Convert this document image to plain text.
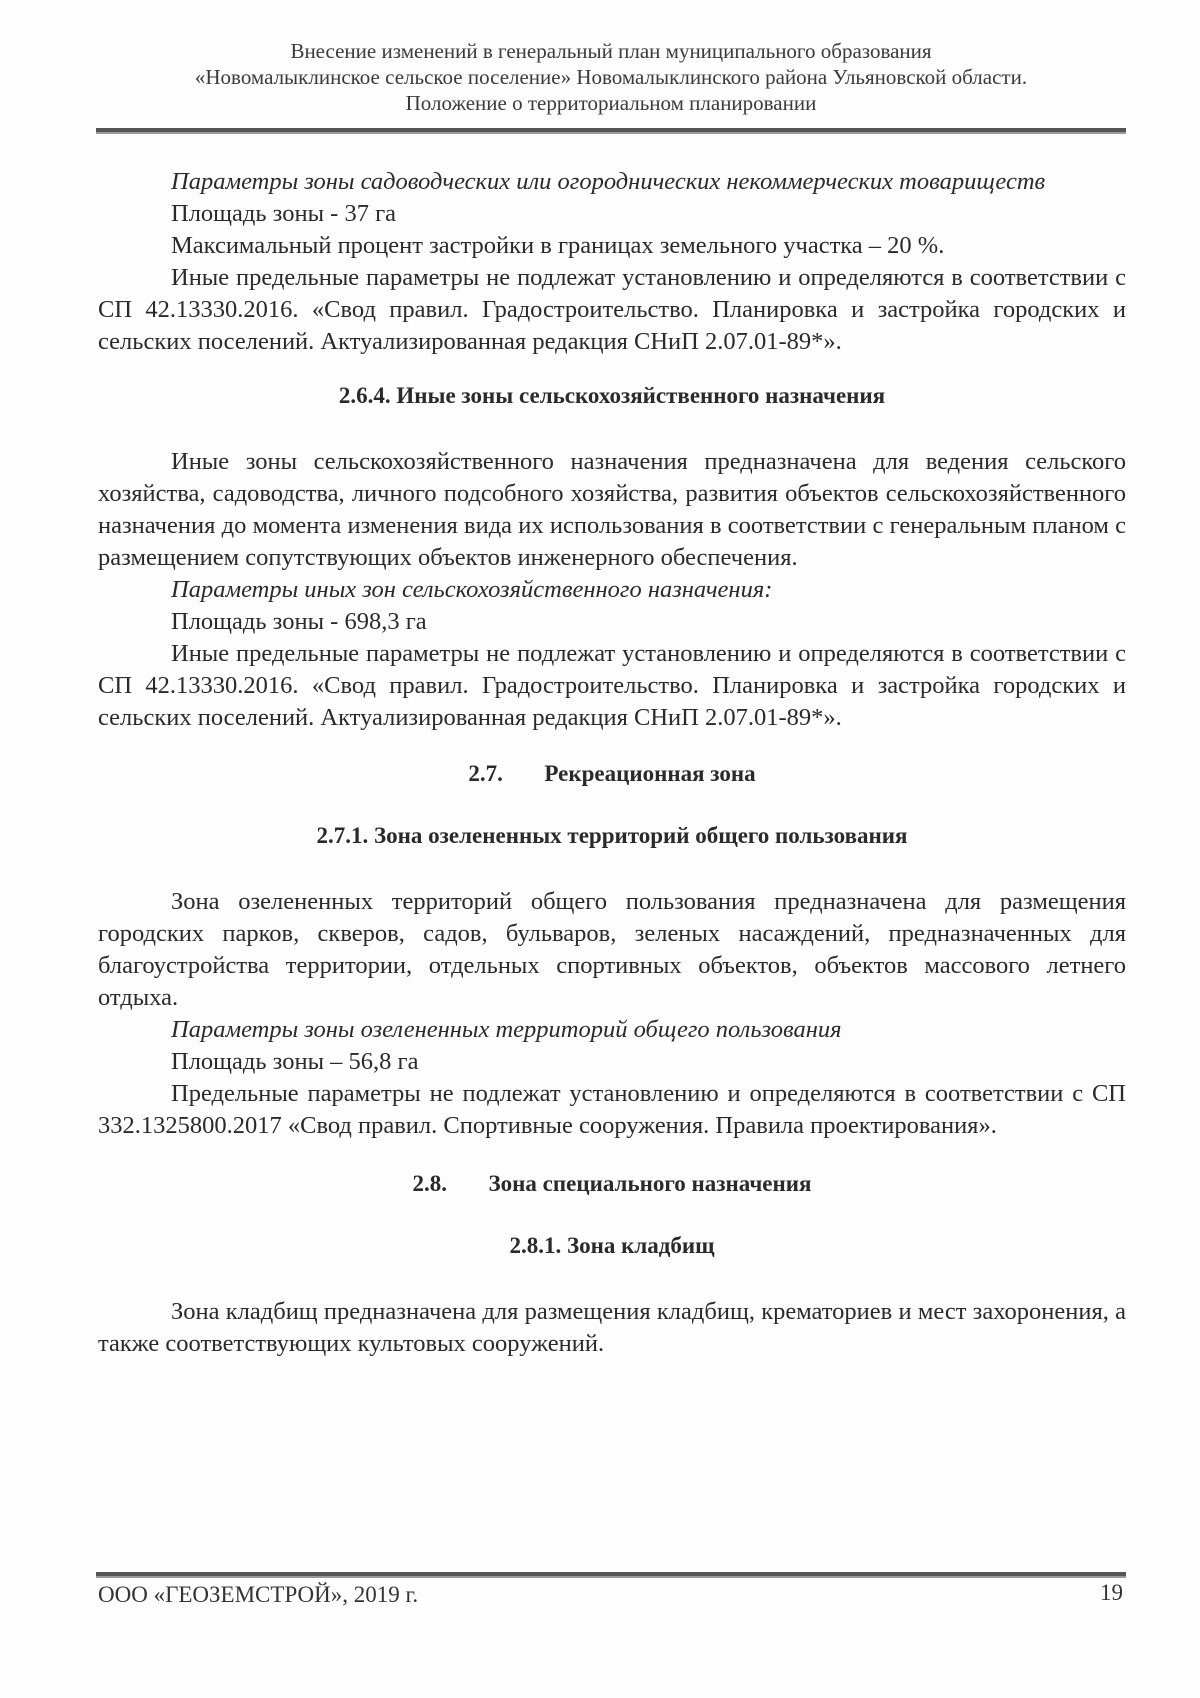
Внесение изменений в генеральный план муниципального образования
«Новомалыклинское сельское поселение» Новомалыклинского района Ульяновской области.
Положение о территориальном планировании

Параметры зоны садоводческих или огороднических некоммерческих товариществ

Площадь зоны - 37 га

Максимальный процент застройки в границах земельного участка – 20 %.

Иные предельные параметры не подлежат установлению и определяются в соответствии с СП 42.13330.2016. «Свод правил. Градостроительство. Планировка и застройка городских и сельских поселений. Актуализированная редакция СНиП 2.07.01-89*».

2.6.4. Иные зоны сельскохозяйственного назначения

Иные зоны сельскохозяйственного назначения предназначена для ведения сельского хозяйства, садоводства, личного подсобного хозяйства, развития объектов сельскохозяйственного назначения до момента изменения вида их использования в соответствии с генеральным планом с размещением сопутствующих объектов инженерного обеспечения.

Параметры иных зон сельскохозяйственного назначения:

Площадь зоны - 698,3 га

Иные предельные параметры не подлежат установлению и определяются в соответствии с СП 42.13330.2016. «Свод правил. Градостроительство. Планировка и застройка городских и сельских поселений. Актуализированная редакция СНиП 2.07.01-89*».

2.7. Рекреационная зона

2.7.1. Зона озелененных территорий общего пользования

Зона озелененных территорий общего пользования предназначена для размещения городских парков, скверов, садов, бульваров, зеленых насаждений, предназначенных для благоустройства территории, отдельных спортивных объектов, объектов массового летнего отдыха.

Параметры зоны озелененных территорий общего пользования

Площадь зоны – 56,8 га

Предельные параметры не подлежат установлению и определяются в соответствии с СП 332.1325800.2017 «Свод правил. Спортивные сооружения. Правила проектирования».

2.8. Зона специального назначения

2.8.1. Зона кладбищ

Зона кладбищ предназначена для размещения кладбищ, крематориев и мест захоронения, а также соответствующих культовых сооружений.

ООО «ГЕОЗЕМСТРОЙ», 2019 г.	19
